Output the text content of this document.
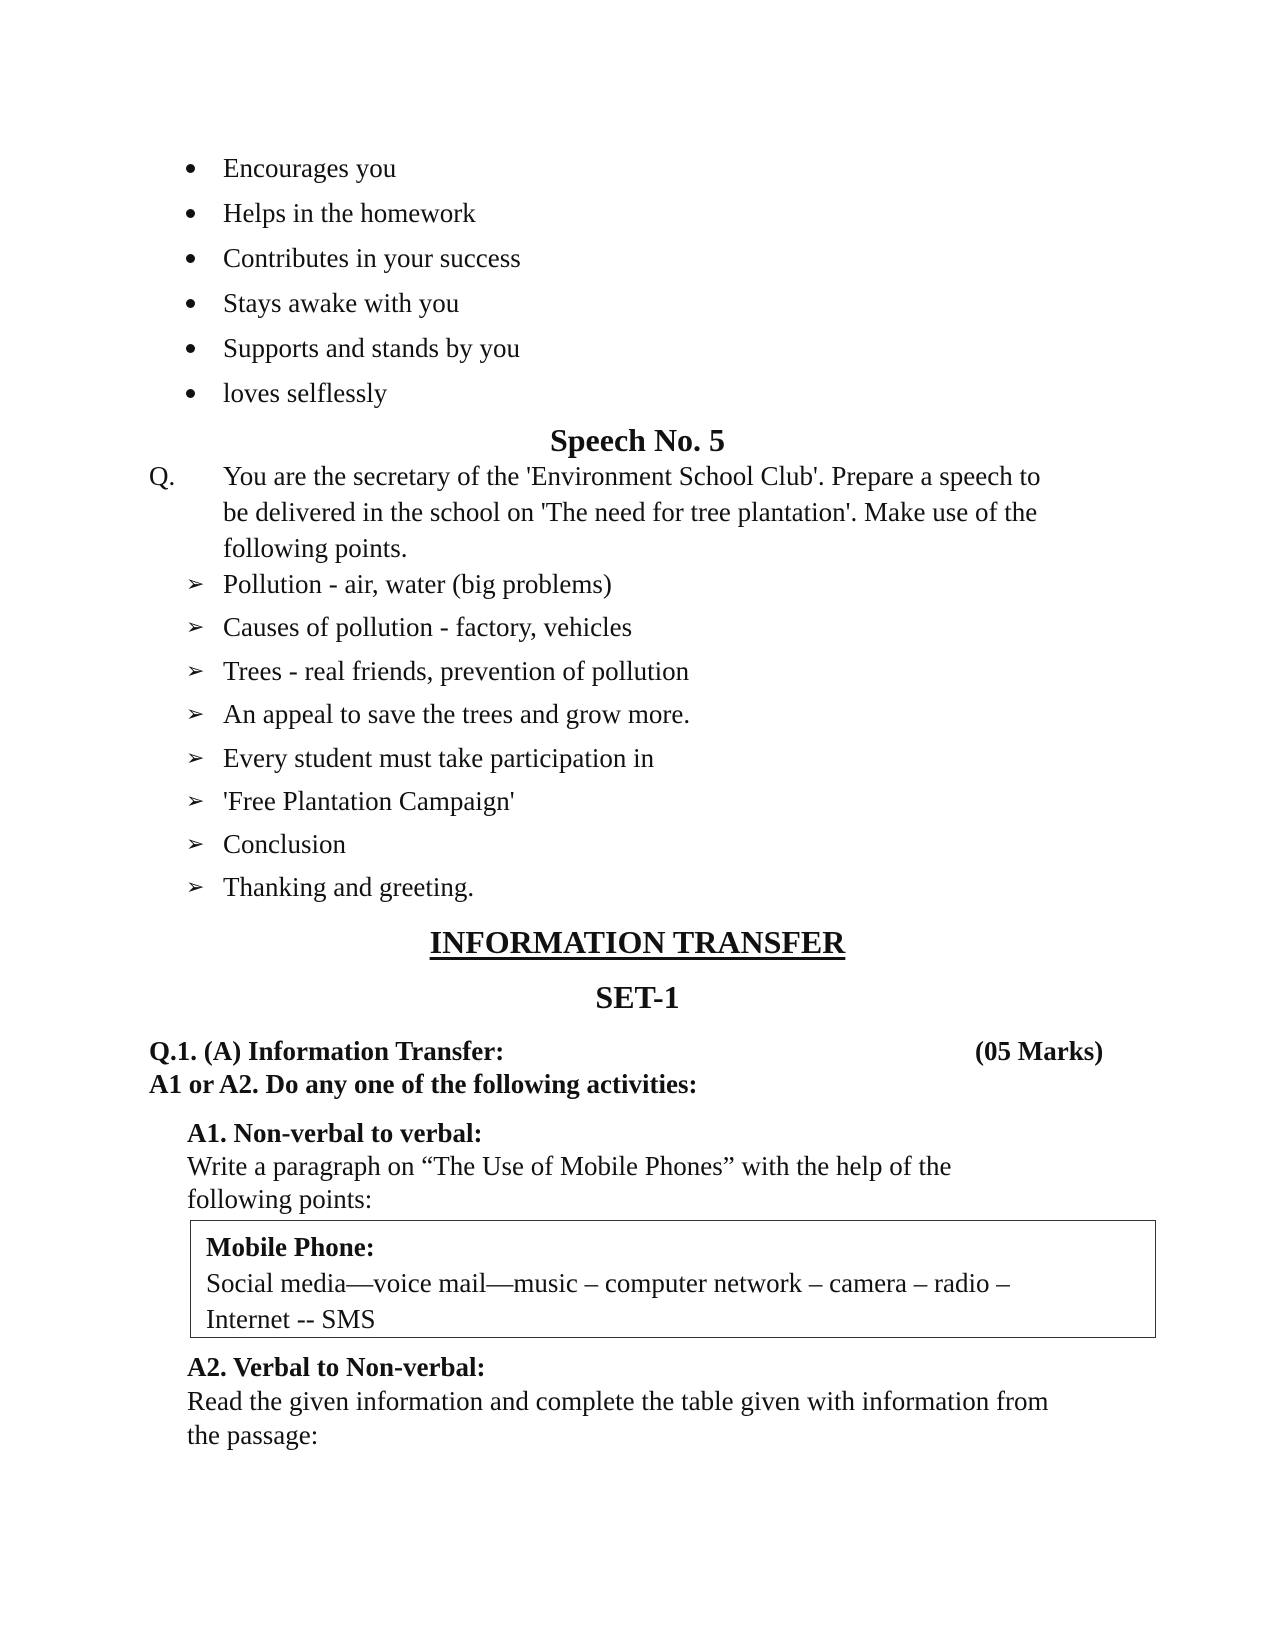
Encourages you
Helps in the homework
Contributes in your success
Stays awake with you
Supports and stands by you
loves selflessly
Speech No. 5
Q. You are the secretary of the 'Environment School Club'. Prepare a speech to
be delivered in the school on 'The need for tree plantation'. Make use of the
following points.
➢ Pollution - air, water (big problems)
➢ Causes of pollution - factory, vehicles
➢ Trees - real friends, prevention of pollution
➢ An appeal to save the trees and grow more.
➢ Every student must take participation in
➢ 'Free Plantation Campaign'
➢ Conclusion
➢ Thanking and greeting.
INFORMATION TRANSFER
SET-1
Q.1. (A) Information Transfer:	(05 Marks)
A1 or A2. Do any one of the following activities:
A1. Non-verbal to verbal:
Write a paragraph on “The Use of Mobile Phones” with the help of the
following points:
Mobile Phone:
Social media—voice mail—music – computer network – camera – radio –
Internet -- SMS
A2. Verbal to Non-verbal:
Read the given information and complete the table given with information from
the passage:
